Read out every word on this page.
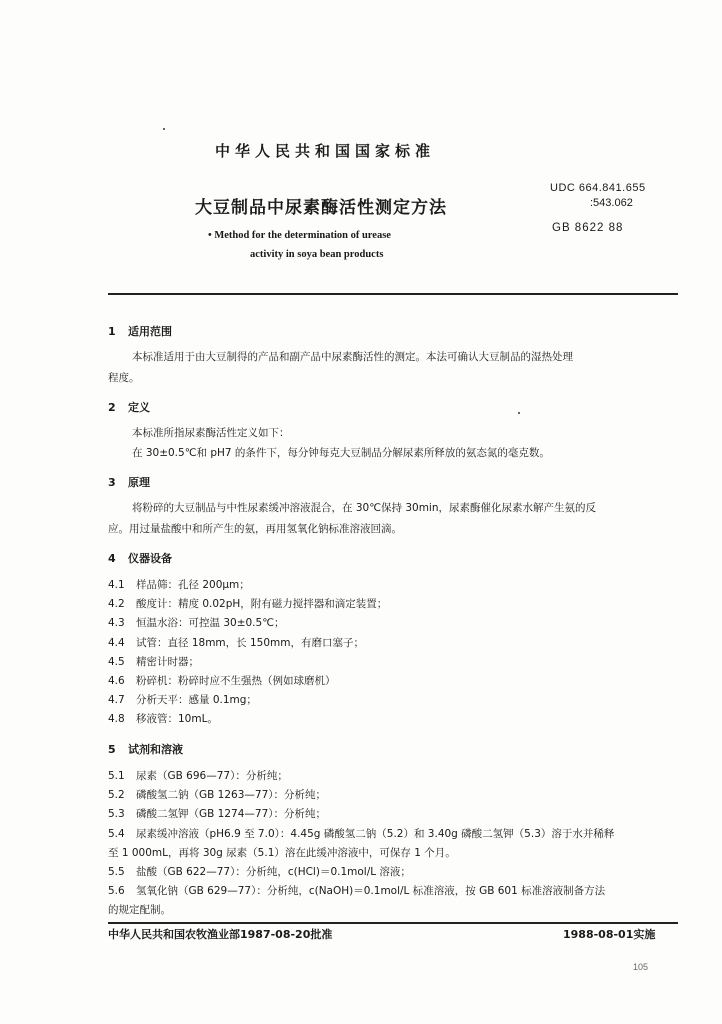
中华人民共和国国家标准
大豆制品中尿素酶活性测定方法
• Method for the determination of urease
activity in soya bean products
UDC 664.841.655
:543.062
GB 8622 88
1 适用范围
本标准适用于由大豆制得的产品和副产品中尿素酶活性的测定。本法可确认大豆制品的湿热处理
程度。
2 定义
本标准所指尿素酶活性定义如下：
在 30±0.5℃和 pH7 的条件下，每分钟每克大豆制品分解尿素所释放的氨态氮的毫克数。
3 原理
将粉碎的大豆制品与中性尿素缓冲溶液混合，在 30℃保持 30min，尿素酶催化尿素水解产生氨的反
应。用过量盐酸中和所产生的氨，再用氢氧化钠标准溶液回滴。
4 仪器设备
4.1 样品筛：孔径 200μm；
4.2 酸度计：精度 0.02pH，附有磁力搅拌器和滴定装置；
4.3 恒温水浴：可控温 30±0.5℃；
4.4 试管：直径 18mm，长 150mm，有磨口塞子；
4.5 精密计时器；
4.6 粉碎机：粉碎时应不生强热（例如球磨机）
4.7 分析天平：感量 0.1mg；
4.8 移液管：10mL。
5 试剂和溶液
5.1 尿素（GB 696—77）：分析纯；
5.2 磷酸氢二钠（GB 1263—77）：分析纯；
5.3 磷酸二氢钾（GB 1274—77）：分析纯；
5.4 尿素缓冲溶液（pH6.9 至 7.0）：4.45g 磷酸氢二钠（5.2）和 3.40g 磷酸二氢钾（5.3）溶于水并稀释
至 1 000mL，再将 30g 尿素（5.1）溶在此缓冲溶液中，可保存 1 个月。
5.5 盐酸（GB 622—77）：分析纯，c(HCl)＝0.1mol/L 溶液；
5.6 氢氧化钠（GB 629—77）：分析纯，c(NaOH)＝0.1mol/L 标准溶液，按 GB 601 标准溶液制备方法
的规定配制。
中华人民共和国农牧渔业部1987-08-20批准	1988-08-01实施
105
